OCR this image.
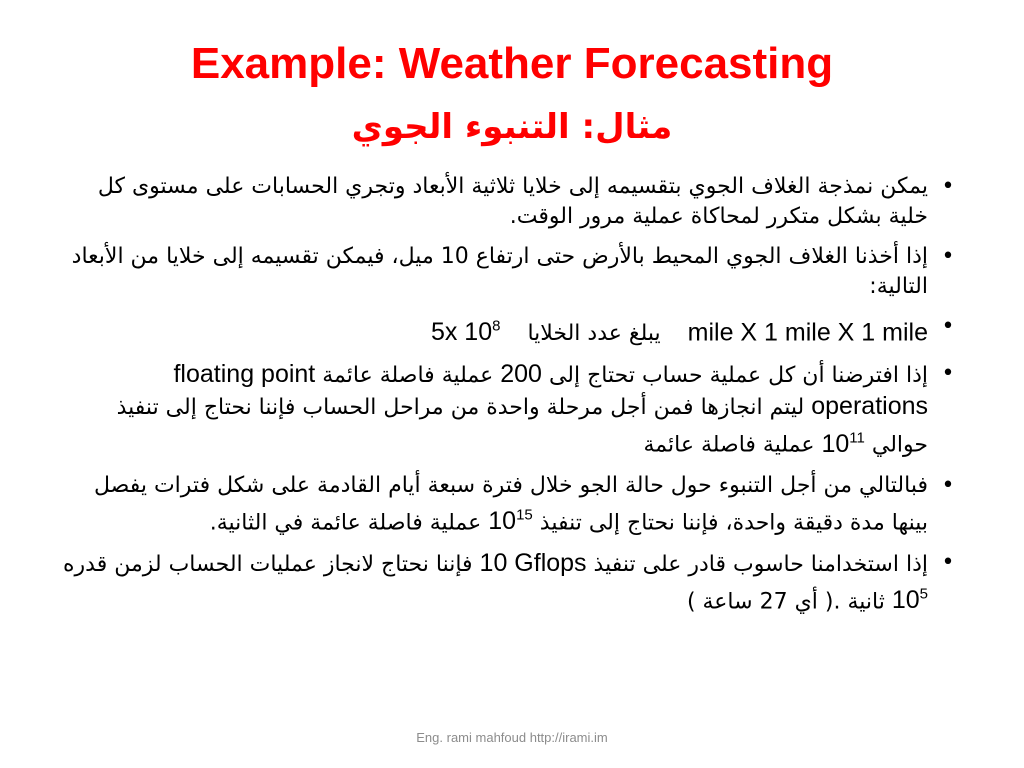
Example: Weather Forecasting
مثال: التنبوء الجوي
•
يمكن نمذجة الغلاف الجوي بتقسيمه إلى خلايا ثلاثية الأبعاد وتجري الحسابات على مستوى كل خلية بشكل متكرر لمحاكاة عملية مرور الوقت.
•
إذا أخذنا الغلاف الجوي المحيط بالأرض حتى ارتفاع 10 ميل، فيمكن تقسيمه إلى خلايا من الأبعاد التالية:
•
mile X 1 mile X 1 mile يبلغ عدد الخلايا 5x $10^8$
•
إذا افترضنا أن كل عملية حساب تحتاج إلى 200 عملية فاصلة عائمة floating point operations ليتم انجازها فمن أجل مرحلة واحدة من مراحل الحساب فإننا نحتاج إلى تنفيذ حوالي $10^{11}$ عملية فاصلة عائمة
•
فبالتالي من أجل التنبوء حول حالة الجو خلال فترة سبعة أيام القادمة على شكل فترات يفصل بينها مدة دقيقة واحدة، فإننا نحتاج إلى تنفيذ $10^{15}$ عملية فاصلة عائمة في الثانية.
•
إذا استخدامنا حاسوب قادر على تنفيذ 10 Gflops فإننا نحتاج لانجاز عمليات الحساب لزمن قدره $10^5$ ثانية .( أي 27 ساعة )
Eng. rami mahfoud http://irami.im
